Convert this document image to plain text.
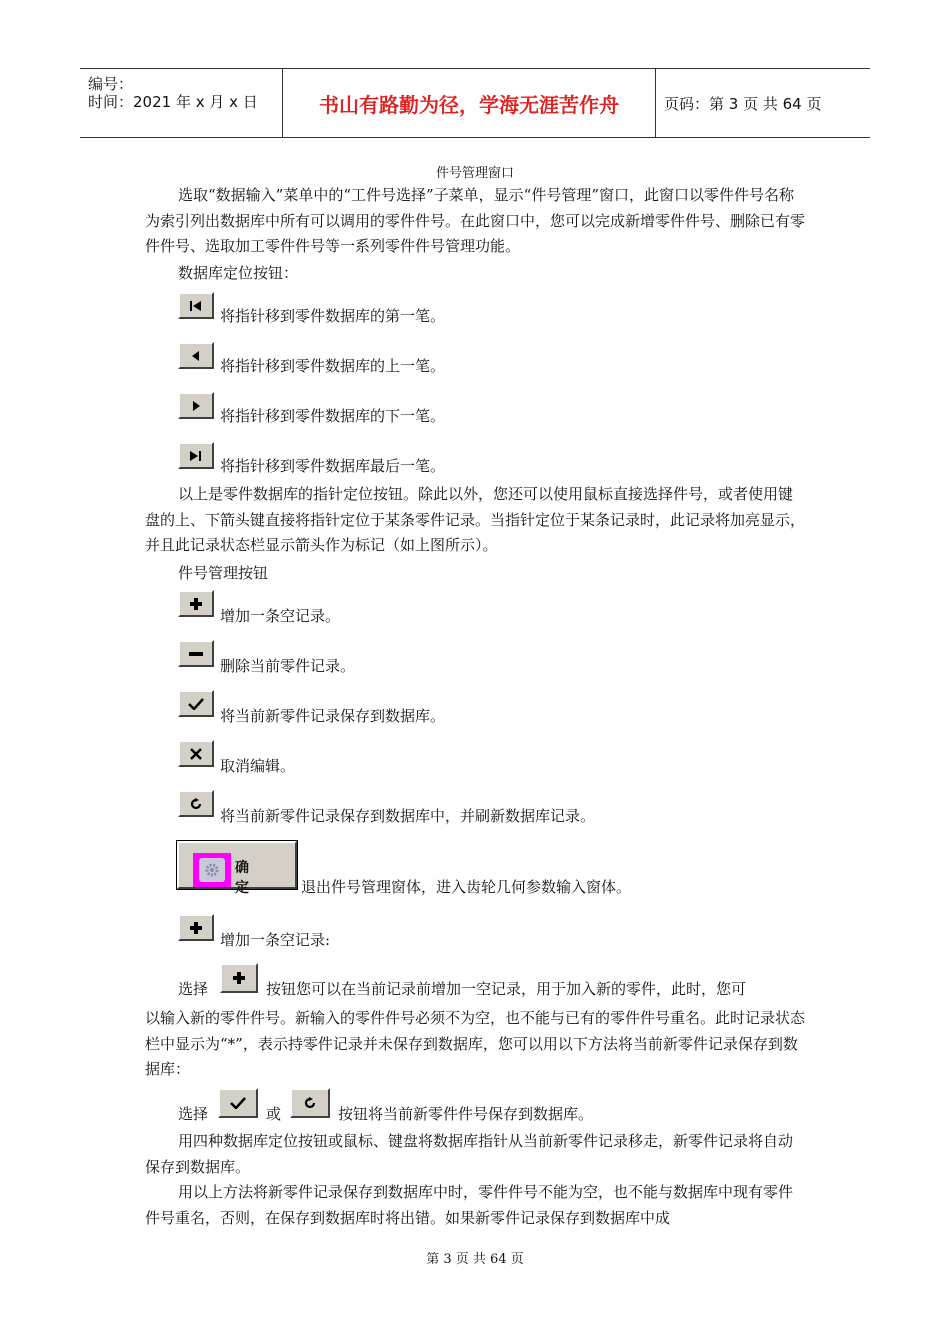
编号：
时间：2021 年 x 月 x 日	书山有路勤为径，学海无涯苦作舟	页码：第 3 页 共 64 页
件号管理窗口

选取“数据输入”菜单中的“工件号选择”子菜单，显示“件号管理”窗口，此窗口以零件件号名称为索引列出数据库中所有可以调用的零件件号。在此窗口中，您可以完成新增零件件号、删除已有零件件号、选取加工零件件号等一系列零件件号管理功能。

数据库定位按钮：
将指针移到零件数据库的第一笔。
将指针移到零件数据库的上一笔。
将指针移到零件数据库的下一笔。
将指针移到零件数据库最后一笔。

以上是零件数据库的指针定位按钮。除此以外，您还可以使用鼠标直接选择件号，或者使用键盘的上、下箭头键直接将指针定位于某条零件记录。当指针定位于某条记录时，此记录将加亮显示，并且此记录状态栏显示箭头作为标记（如上图所示）。

件号管理按钮
增加一条空记录。
删除当前零件记录。
将当前新零件记录保存到数据库。
取消编辑。
将当前新零件记录保存到数据库中，并刷新数据库记录。
确定	退出件号管理窗体，进入齿轮几何参数输入窗体。
增加一条空记录:
选择	按钮您可以在当前记录前增加一空记录，用于加入新的零件，此时，您可

以输入新的零件件号。新输入的零件件号必须不为空，也不能与已有的零件件号重名。此时记录状态栏中显示为“*”，表示持零件记录并未保存到数据库，您可以用以下方法将当前新零件记录保存到数据库：

选择	或	按钮将当前新零件件号保存到数据库。

用四种数据库定位按钮或鼠标、键盘将数据库指针从当前新零件记录移走，新零件记录将自动保存到数据库。

用以上方法将新零件记录保存到数据库中时，零件件号不能为空，也不能与数据库中现有零件件号重名，否则，在保存到数据库时将出错。如果新零件记录保存到数据库中成

第 3 页 共 64 页
